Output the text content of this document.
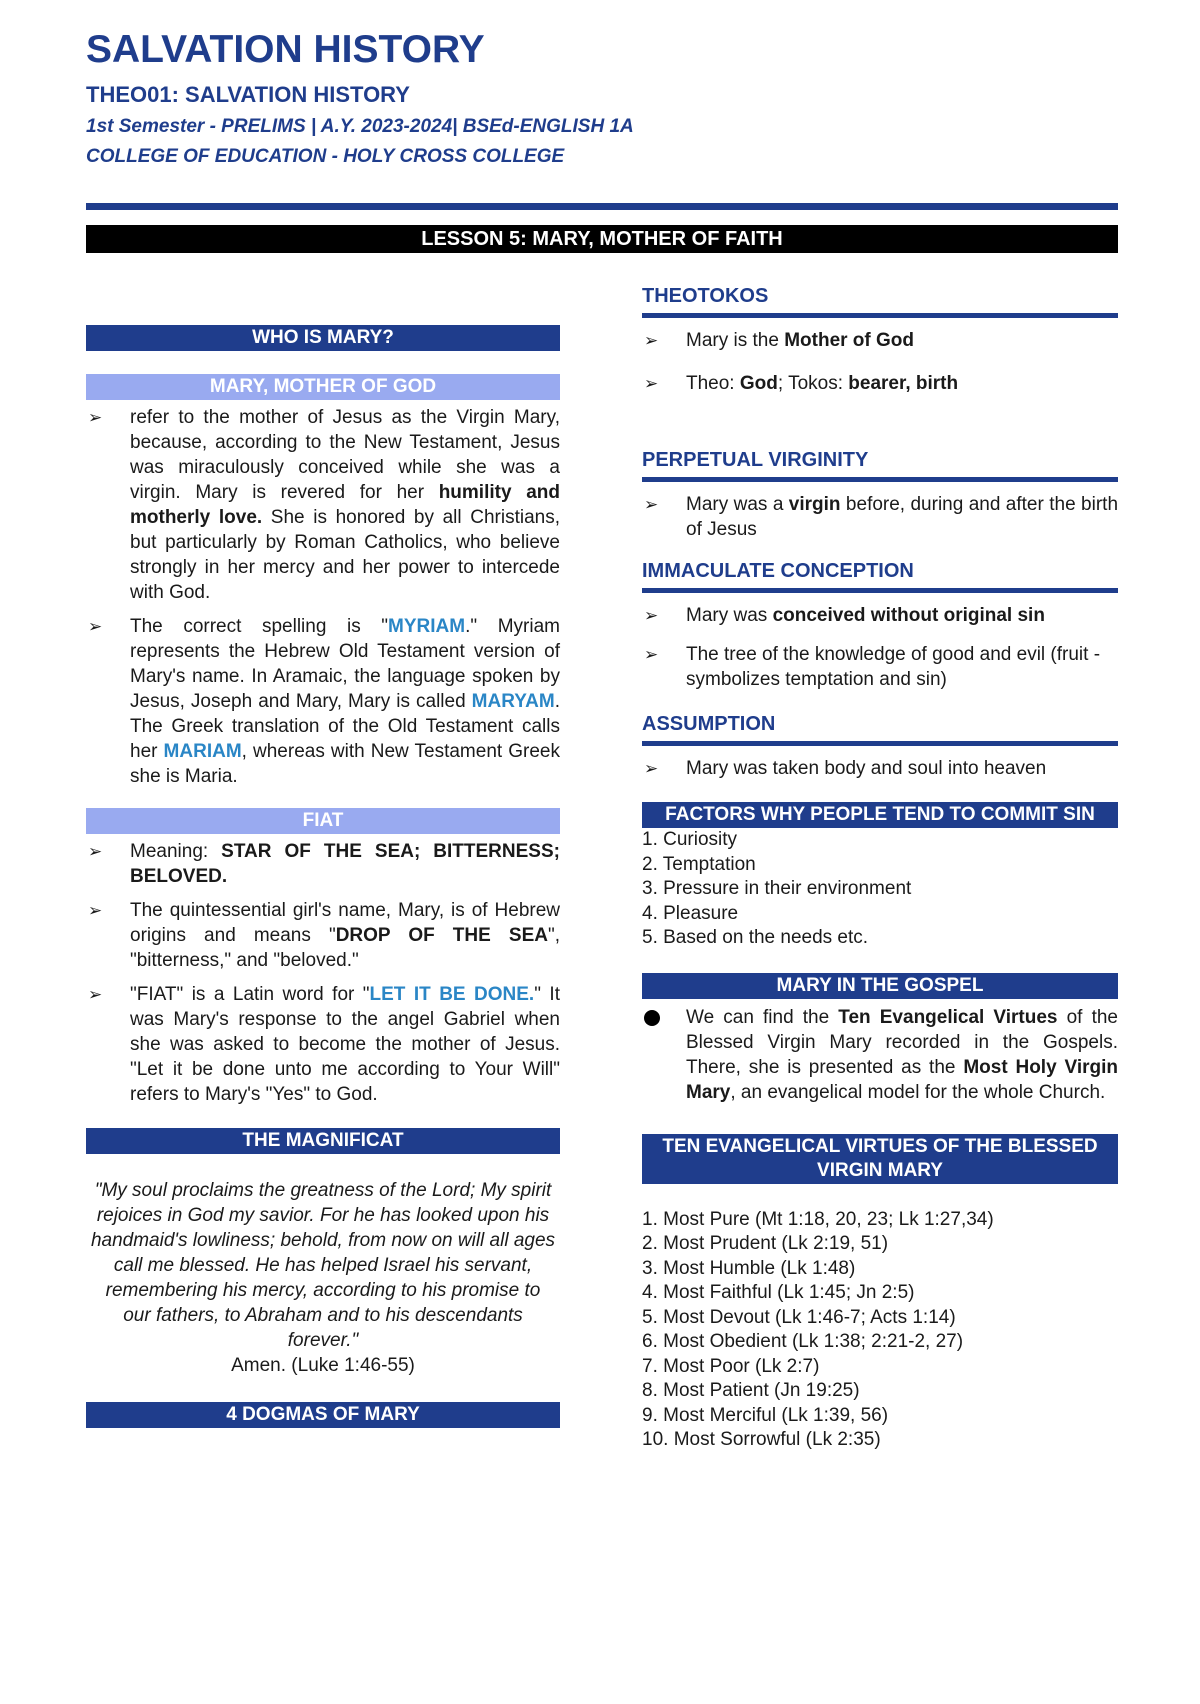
SALVATION HISTORY
THEO01: SALVATION HISTORY
1st Semester - PRELIMS | A.Y. 2023-2024| BSEd-ENGLISH 1A
COLLEGE OF EDUCATION - HOLY CROSS COLLEGE
LESSON 5: MARY, MOTHER OF FAITH
WHO IS MARY?
MARY, MOTHER OF GOD
➢ refer to the mother of Jesus as the Virgin Mary, because, according to the New Testament, Jesus was miraculously conceived while she was a virgin. Mary is revered for her humility and motherly love. She is honored by all Christians, but particularly by Roman Catholics, who believe strongly in her mercy and her power to intercede with God.
➢ The correct spelling is "MYRIAM." Myriam represents the Hebrew Old Testament version of Mary's name. In Aramaic, the language spoken by Jesus, Joseph and Mary, Mary is called MARYAM. The Greek translation of the Old Testament calls her MARIAM, whereas with New Testament Greek she is Maria.
FIAT
➢ Meaning: STAR OF THE SEA; BITTERNESS; BELOVED.
➢ The quintessential girl's name, Mary, is of Hebrew origins and means "DROP OF THE SEA", "bitterness," and "beloved."
➢ "FIAT" is a Latin word for "LET IT BE DONE." It was Mary's response to the angel Gabriel when she was asked to become the mother of Jesus. "Let it be done unto me according to Your Will" refers to Mary's "Yes" to God.
THE MAGNIFICAT
"My soul proclaims the greatness of the Lord; My spirit rejoices in God my savior. For he has looked upon his handmaid's lowliness; behold, from now on will all ages call me blessed. He has helped Israel his servant, remembering his mercy, according to his promise to our fathers, to Abraham and to his descendants forever."
Amen. (Luke 1:46-55)
4 DOGMAS OF MARY
THEOTOKOS
➢ Mary is the Mother of God
➢ Theo: God; Tokos: bearer, birth
PERPETUAL VIRGINITY
➢ Mary was a virgin before, during and after the birth of Jesus
IMMACULATE CONCEPTION
➢ Mary was conceived without original sin
➢ The tree of the knowledge of good and evil (fruit - symbolizes temptation and sin)
ASSUMPTION
➢ Mary was taken body and soul into heaven
FACTORS WHY PEOPLE TEND TO COMMIT SIN
1. Curiosity
2. Temptation
3. Pressure in their environment
4. Pleasure
5. Based on the needs etc.
MARY IN THE GOSPEL
We can find the Ten Evangelical Virtues of the Blessed Virgin Mary recorded in the Gospels. There, she is presented as the Most Holy Virgin Mary, an evangelical model for the whole Church.
TEN EVANGELICAL VIRTUES OF THE BLESSED VIRGIN MARY
1. Most Pure (Mt 1:18, 20, 23; Lk 1:27,34)
2. Most Prudent (Lk 2:19, 51)
3. Most Humble (Lk 1:48)
4. Most Faithful (Lk 1:45; Jn 2:5)
5. Most Devout (Lk 1:46-7; Acts 1:14)
6. Most Obedient (Lk 1:38; 2:21-2, 27)
7. Most Poor (Lk 2:7)
8. Most Patient (Jn 19:25)
9. Most Merciful (Lk 1:39, 56)
10. Most Sorrowful (Lk 2:35)
